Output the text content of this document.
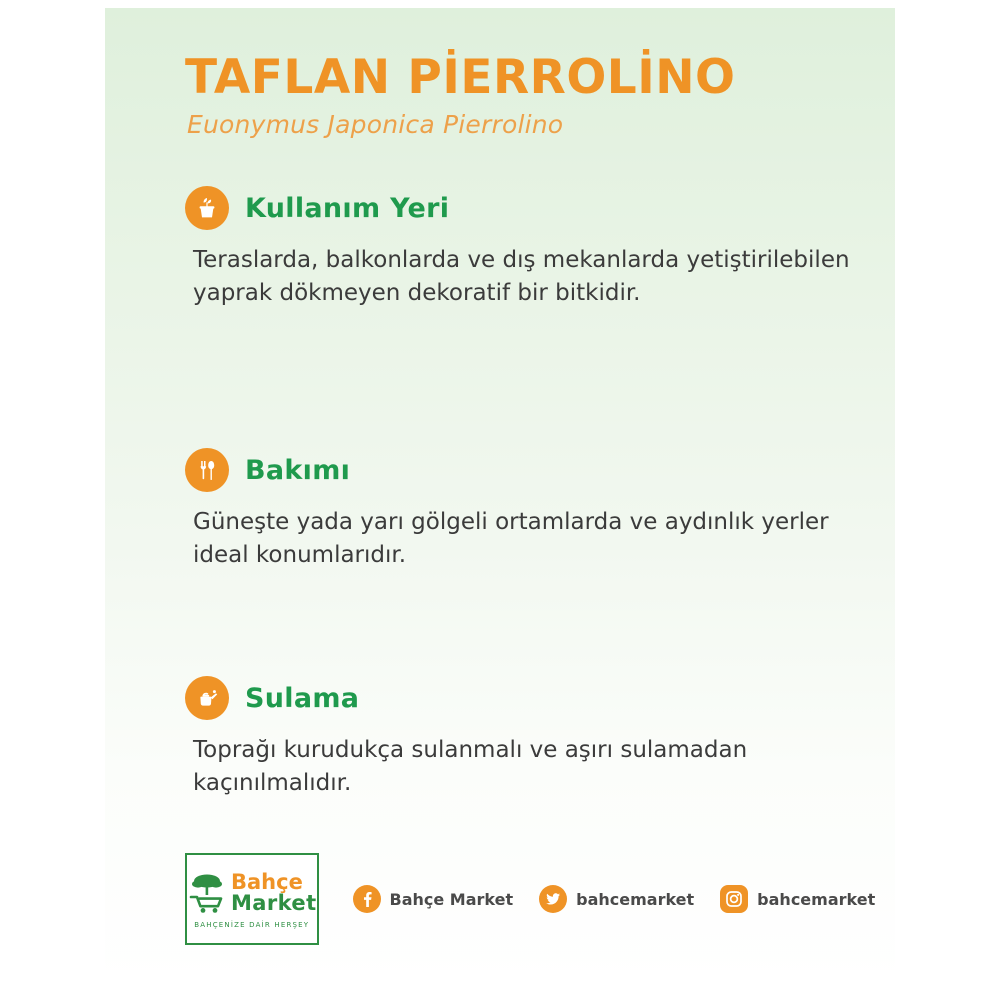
TAFLAN PİERROLİNO
Euonymus Japonica Pierrolino
Kullanım Yeri
Teraslarda, balkonlarda ve dış mekanlarda yetiştirilebilen yaprak dökmeyen dekoratif bir bitkidir.
Bakımı
Güneşte yada yarı gölgeli ortamlarda ve aydınlık yerler ideal konumlarıdır.
Sulama
Toprağı kurudukça sulanmalı ve aşırı sulamadan kaçınılmalıdır.
Bahçe
Market
BAHÇENİZE DAİR HERŞEY
Bahçe Market	bahcemarket	bahcemarket
